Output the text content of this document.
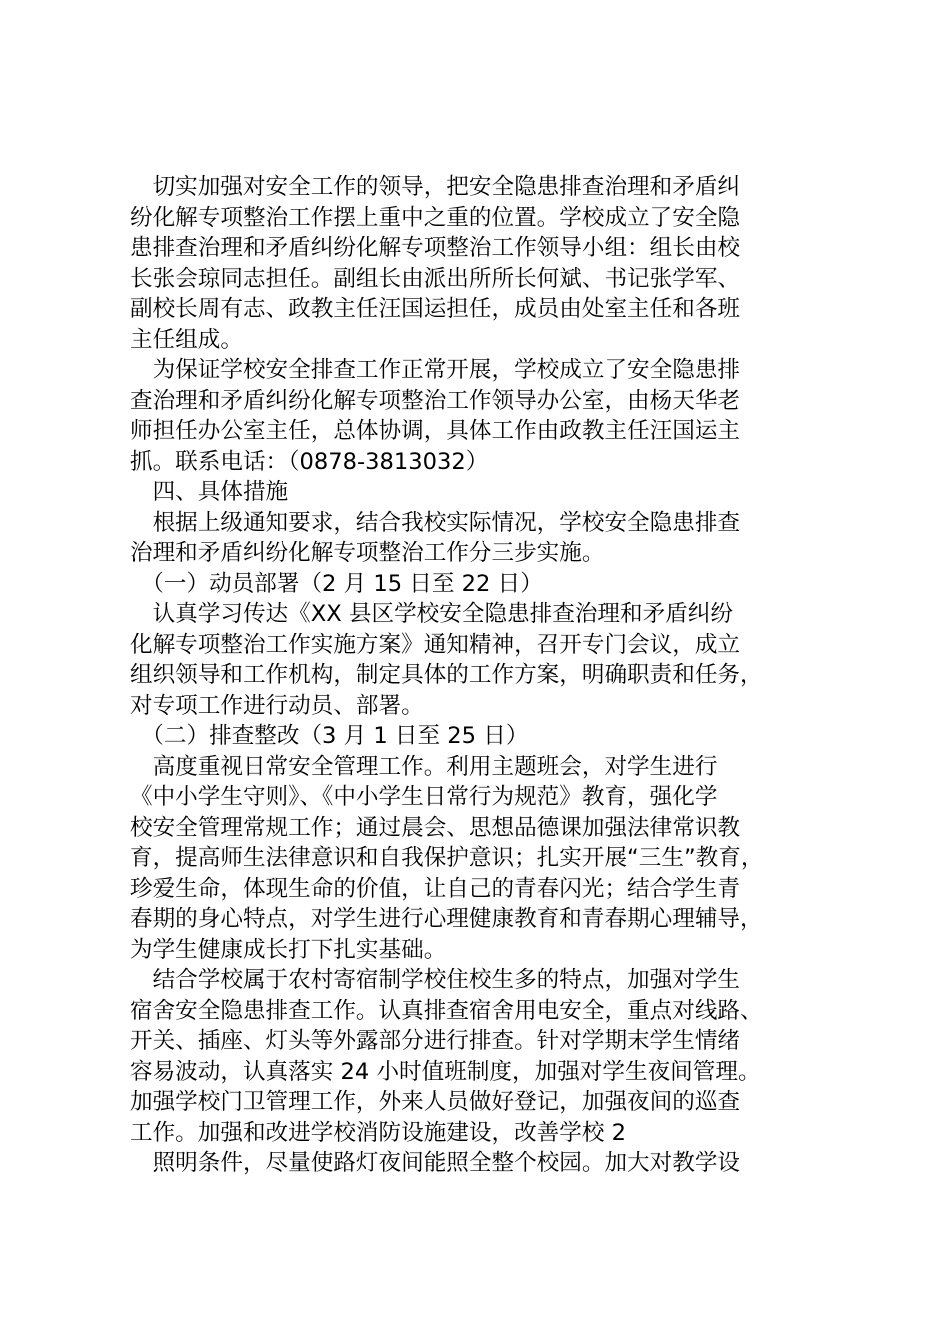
　切实加强对安全工作的领导，把安全隐患排查治理和矛盾纠
纷化解专项整治工作摆上重中之重的位置。学校成立了安全隐
患排查治理和矛盾纠纷化解专项整治工作领导小组：组长由校
长张会琼同志担任。副组长由派出所所长何斌、书记张学军、
副校长周有志、政教主任汪国运担任，成员由处室主任和各班
主任组成。
　为保证学校安全排查工作正常开展，学校成立了安全隐患排
查治理和矛盾纠纷化解专项整治工作领导办公室，由杨天华老
师担任办公室主任，总体协调，具体工作由政教主任汪国运主
抓。联系电话：（0878-3813032）
　四、具体措施
　根据上级通知要求，结合我校实际情况，学校安全隐患排查
治理和矛盾纠纷化解专项整治工作分三步实施。
　（一）动员部署（2 月 15 日至 22 日）
　认真学习传达《XX 县区学校安全隐患排查治理和矛盾纠纷
化解专项整治工作实施方案》通知精神，召开专门会议，成立
组织领导和工作机构，制定具体的工作方案，明确职责和任务，
对专项工作进行动员、部署。
　（二）排查整改（3 月 1 日至 25 日）
　高度重视日常安全管理工作。利用主题班会，对学生进行
《中小学生守则》、《中小学生日常行为规范》教育，强化学
校安全管理常规工作；通过晨会、思想品德课加强法律常识教
育，提高师生法律意识和自我保护意识；扎实开展“三生”教育，
珍爱生命，体现生命的价值，让自己的青春闪光；结合学生青
春期的身心特点，对学生进行心理健康教育和青春期心理辅导，
为学生健康成长打下扎实基础。
　结合学校属于农村寄宿制学校住校生多的特点，加强对学生
宿舍安全隐患排查工作。认真排查宿舍用电安全，重点对线路、
开关、插座、灯头等外露部分进行排查。针对学期末学生情绪
容易波动，认真落实 24 小时值班制度，加强对学生夜间管理。
加强学校门卫管理工作，外来人员做好登记，加强夜间的巡查
工作。加强和改进学校消防设施建设，改善学校 2
　照明条件，尽量使路灯夜间能照全整个校园。加大对教学设
